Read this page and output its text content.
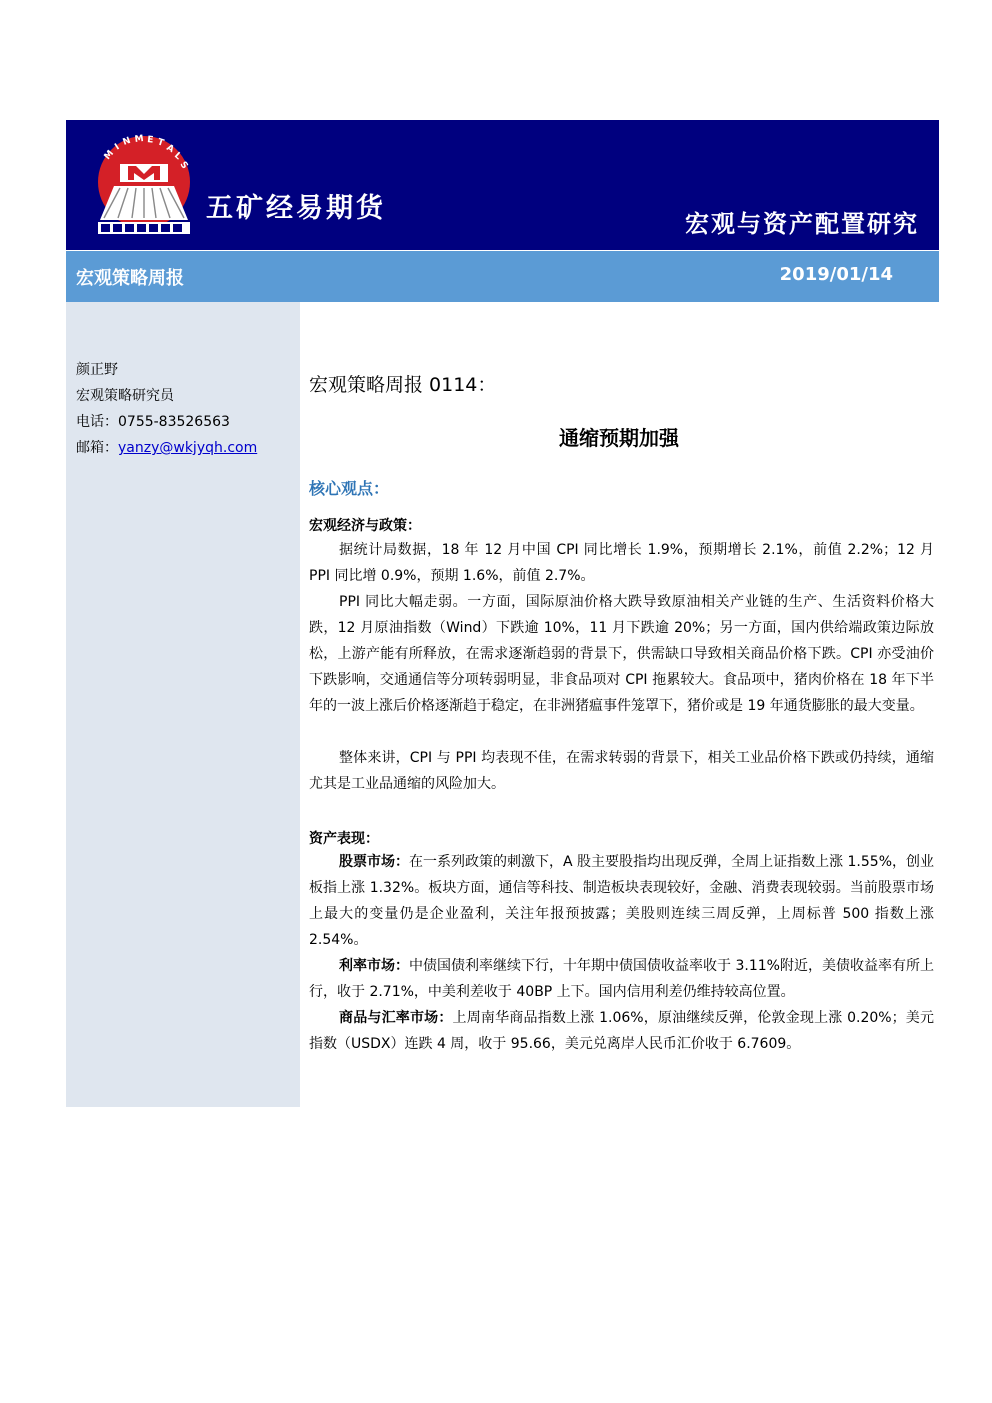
M
I N M E T A
L
S
五矿经易期货	宏观与资产配置研究
宏观策略周报	2019/01/14
颜正野
宏观策略研究员
电话：0755-83526563
邮箱：yanzy@wkjyqh.com
宏观策略周报 0114：
通缩预期加强
核心观点：
宏观经济与政策：
据统计局数据，18 年 12 月中国 CPI 同比增长 1.9%，预期增长 2.1%，前值 2.2%；12 月 PPI 同比增 0.9%，预期 1.6%，前值 2.7%。
PPI 同比大幅走弱。一方面，国际原油价格大跌导致原油相关产业链的生产、生活资料价格大跌，12 月原油指数（Wind）下跌逾 10%，11 月下跌逾 20%；另一方面，国内供给端政策边际放松，上游产能有所释放，在需求逐渐趋弱的背景下，供需缺口导致相关商品价格下跌。CPI 亦受油价下跌影响，交通通信等分项转弱明显，非食品项对 CPI 拖累较大。食品项中，猪肉价格在 18 年下半年的一波上涨后价格逐渐趋于稳定，在非洲猪瘟事件笼罩下，猪价或是 19 年通货膨胀的最大变量。
整体来讲，CPI 与 PPI 均表现不佳，在需求转弱的背景下，相关工业品价格下跌或仍持续，通缩尤其是工业品通缩的风险加大。
资产表现：
股票市场：在一系列政策的刺激下，A 股主要股指均出现反弹，全周上证指数上涨 1.55%，创业板指上涨 1.32%。板块方面，通信等科技、制造板块表现较好，金融、消费表现较弱。当前股票市场上最大的变量仍是企业盈利，关注年报预披露；美股则连续三周反弹，上周标普 500 指数上涨 2.54%。
利率市场：中债国债利率继续下行，十年期中债国债收益率收于 3.11%附近，美债收益率有所上行，收于 2.71%，中美利差收于 40BP 上下。国内信用利差仍维持较高位置。
商品与汇率市场：上周南华商品指数上涨 1.06%，原油继续反弹，伦敦金现上涨 0.20%；美元指数（USDX）连跌 4 周，收于 95.66，美元兑离岸人民币汇价收于 6.7609。
